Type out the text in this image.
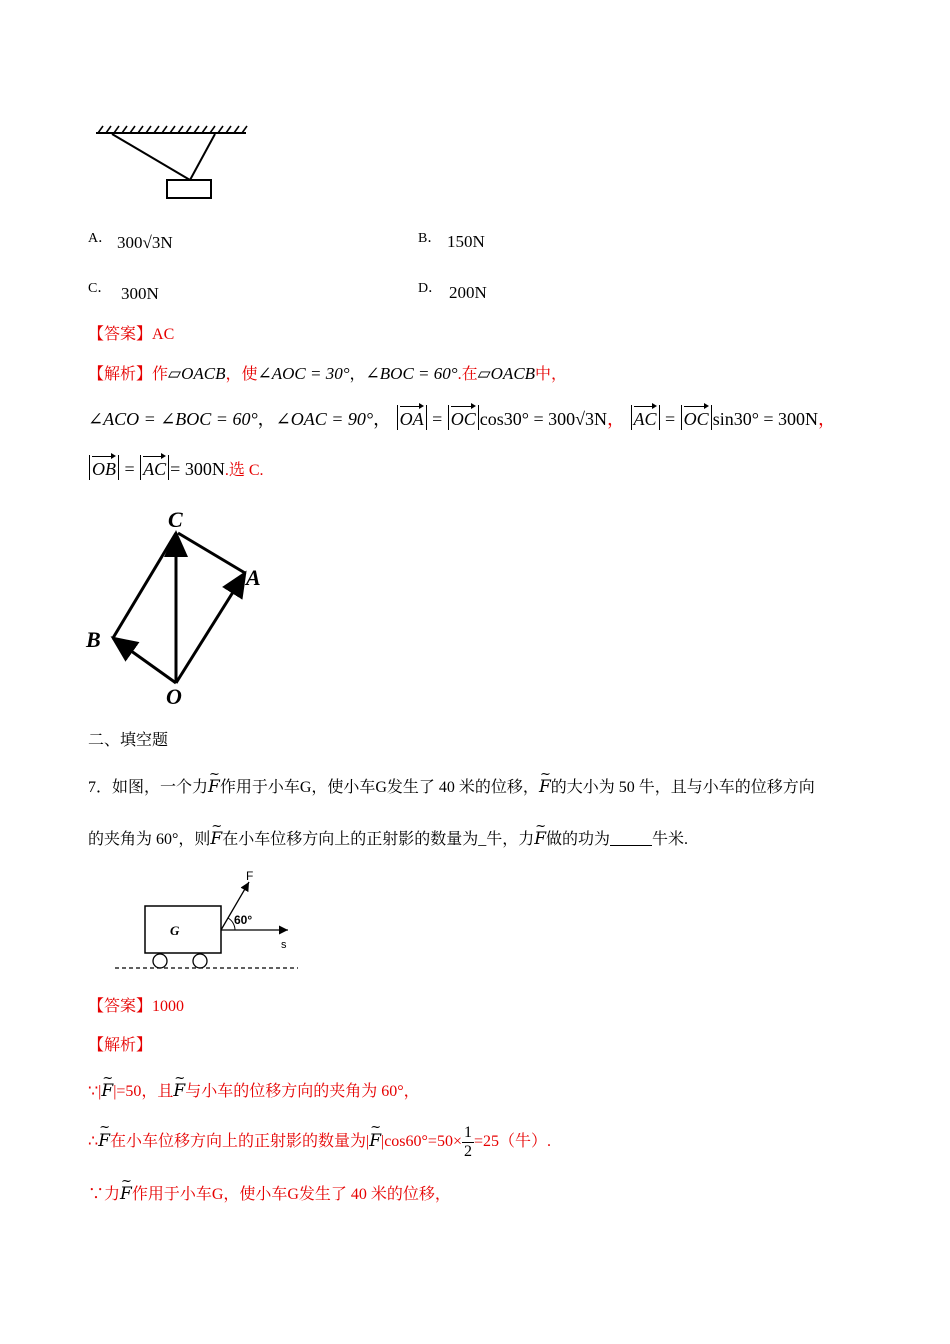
A． 300√3N	B． 150N
C． 300N	D． 200N
【答案】AC
【解析】作▱OACB，使∠AOC = 30°，∠BOC = 60°.在▱OACB中，
∠ACO = ∠BOC = 60°，∠OAC = 90°， OA = OC cos30° = 300√3N， AC = OC sin30° = 300N，
OB = AC = 300N.选 C.
C
A
B
O
二、填空题
7．如图，一个力~ F作用于小车G，使小车G发生了 40 米的位移，~ F的大小为 50 牛，且与小车的位移方向
的夹角为 60°，则~ F在小车位移方向上的正射影的数量为_牛，力~ F做的功为	牛米.
F
60°
G
s
【答案】1000
【解析】
∵|~ F|=50，且~ F与小车的位移方向的夹角为 60°，
∴~ F在小车位移方向上的正射影的数量为|~ $F|\cos 60^\circ=50\times \frac{1}{2} =25$（牛）.
∵力~ F作用于小车G，使小车G发生了 40 米的位移，
